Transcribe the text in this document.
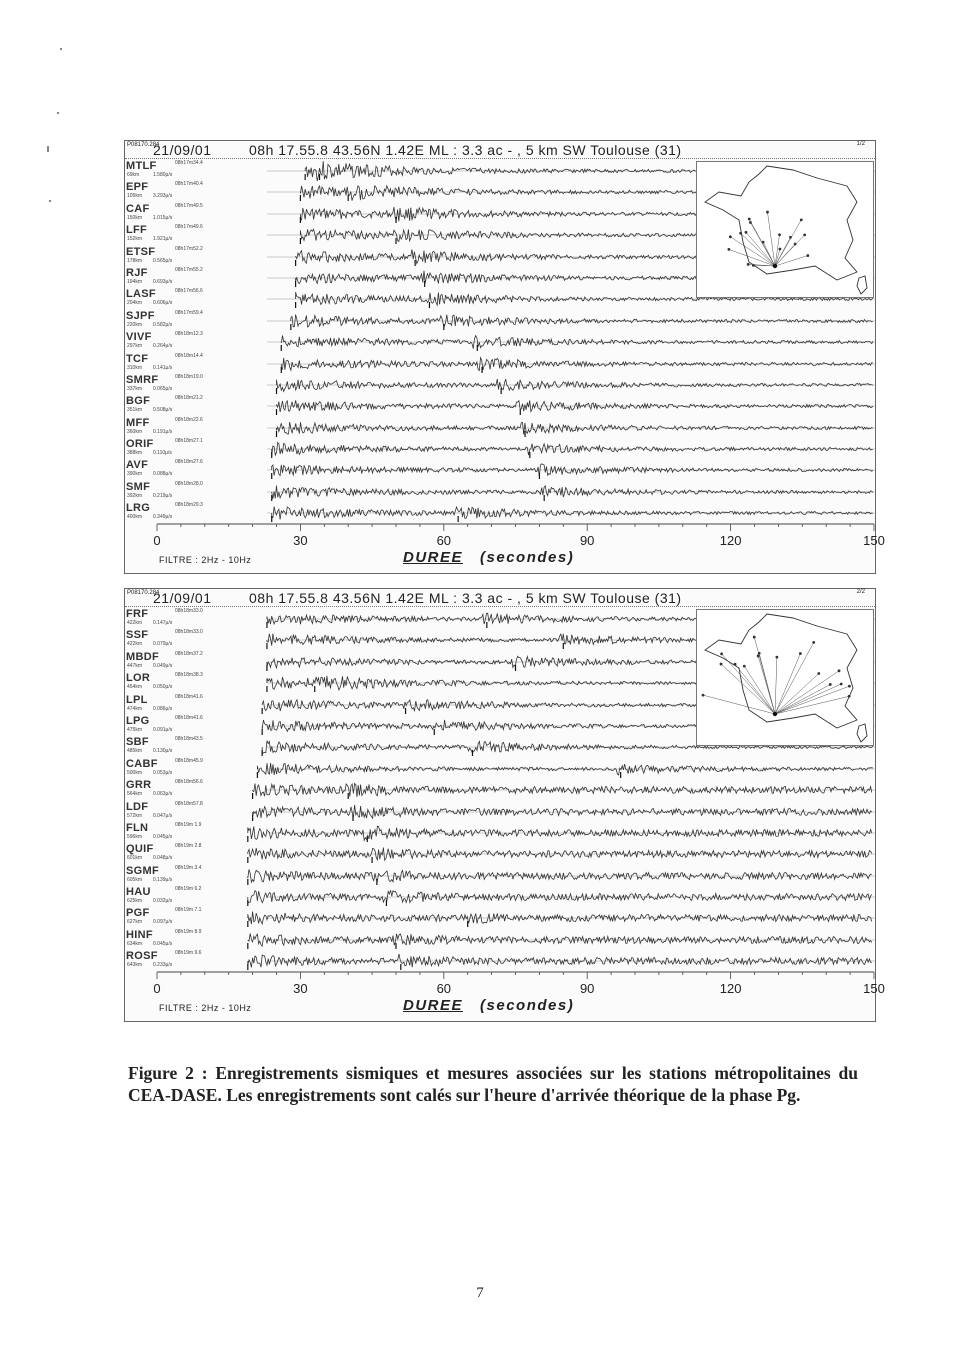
P08170.284
21/09/01	08h 17.55.8 43.56N 1.42E ML : 3.3 ac - , 5 km SW Toulouse (31)	1/2
MTLF	08h17m34.4
69km	1.580μ/s
EPF	08h17m40.4
105km 3.293μ/s
CAF	08h17m49.5
150km 1.015μ/s
LFF	08h17m49.6
152km 1.921μ/s
ETSF	08h17m52.2
178km 0.565μ/s
RJF	08h17m55.2
194km 0.693μ/s
LASF	08h17m56.6
204km 0.606μ/s
SJPF	08h17m59.4
220km 0.582μ/s
VIVF	08h18m12.3
297km 0.264μ/s
TCF	08h18m14.4
310km 0.141μ/s
SMRF	08h18m19.0
337km 0.065μ/s
BGF	08h18m21.2
351km 0.508μ/s
MFF	08h18m22.6
360km 0.191μ/s
ORIF	08h18m27.1
388km 0.110μ/s
AVF	08h18m27.6
390km 0.088μ/s
SMF	08h18m28.0
392km 0.219μ/s
LRG	08h18m29.3
400km 0.349μ/s
FILTRE : 2Hz - 10Hz	DUREE (secondes)
0	30	60	90	120	150
P08170.284
21/09/01	08h 17.55.8 43.56N 1.42E ML : 3.3 ac - , 5 km SW Toulouse (31)	2/2
FRF	08h18m33.0
422km 0.147μ/s
SSF	08h18m33.0
422km 0.079μ/s
MBDF	08h18m37.2
447km 0.049μ/s
LOR	08h18m38.3
454km 0.050μ/s
LPL	08h18m41.6
474km 0.086μ/s
LPG	08h18m41.6
475km 0.091μ/s
SBF	08h18m43.5
485km 0.130μ/s
CABF	08h18m45.9
500km 0.053μ/s
GRR	08h18m56.6
564km 0.063μ/s
LDF	08h18m57.8
572km 0.047μ/s
FLN	08h19m 1.9
596km 0.045μ/s
QUIF	08h19m 2.8
601km 0.048μ/s
SGMF	08h19m 3.4
605km 0.139μ/s
HAU	08h19m 6.2
625km 0.032μ/s
PGF	08h19m 7.1
627km 0.097μ/s
HINF	08h19m 8.9
634km 0.045μ/s
ROSF	08h19m 9.6
643km 0.233μ/s
FILTRE : 2Hz - 10Hz	DUREE (secondes)
0	30	60	90	120	150
Figure 2 : Enregistrements sismiques et mesures associées sur les stations métropolitaines du CEA-DASE. Les enregistrements sont calés sur l'heure d'arrivée théorique de la phase Pg.
7
